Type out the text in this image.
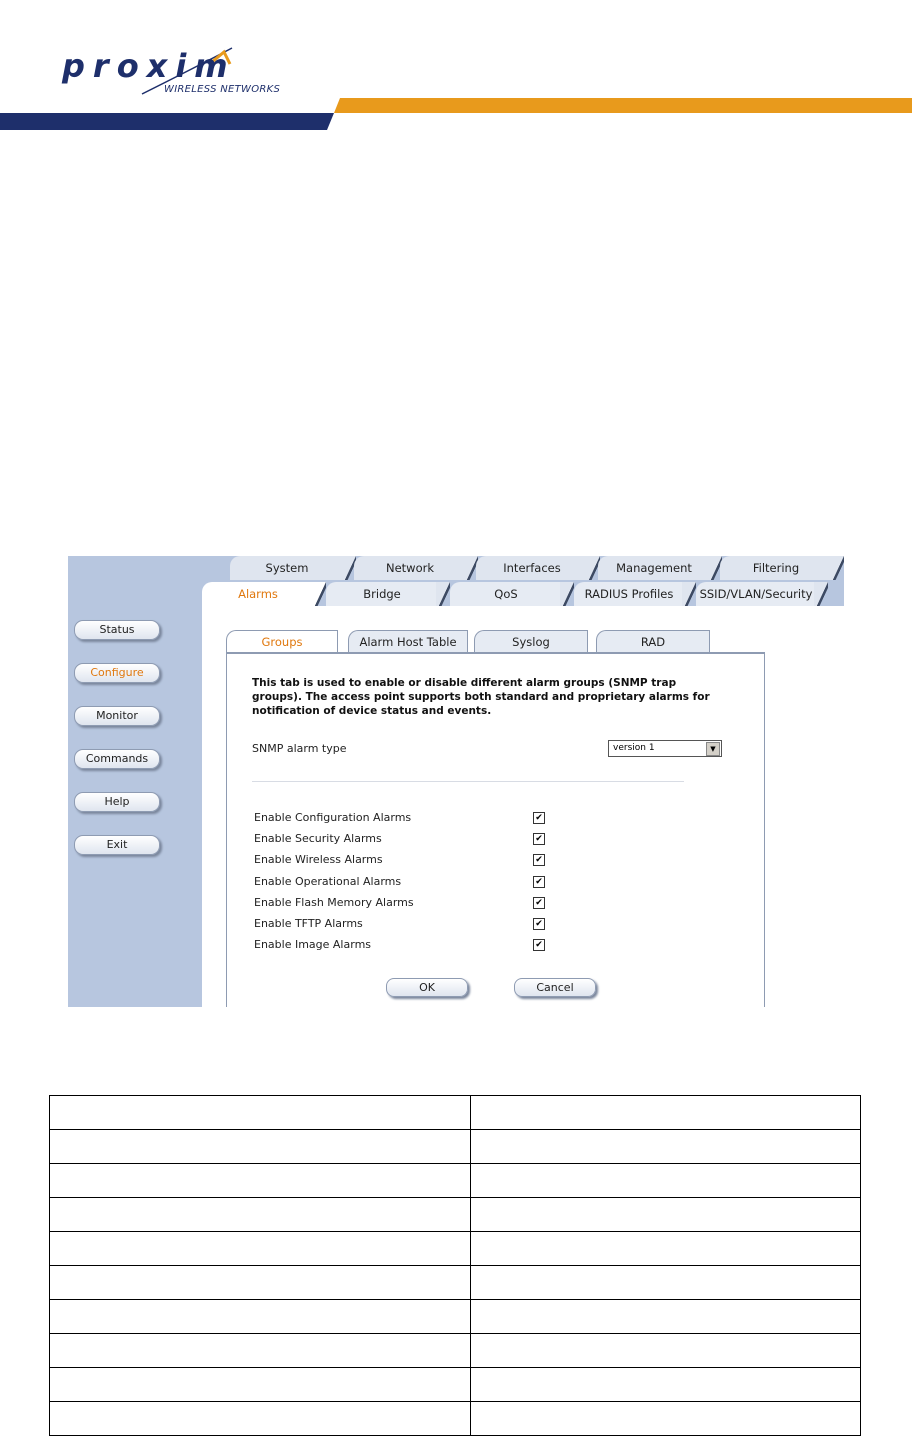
proxim
WIRELESS NETWORKS
System	Network	Interfaces	Management	Filtering
Alarms	Bridge	QoS	RADIUS Profiles	SSID/VLAN/Security
Status
Configure
Monitor
Commands
Help
Exit
Groups	Alarm Host Table	Syslog	RAD
This tab is used to enable or disable different alarm groups (SNMP trap groups). The access point supports both standard and proprietary alarms for notification of device status and events.
SNMP alarm type	version 1	▼
Enable Configuration Alarms	✔
Enable Security Alarms	✔
Enable Wireless Alarms	✔
Enable Operational Alarms	✔
Enable Flash Memory Alarms	✔
Enable TFTP Alarms	✔
Enable Image Alarms	✔
OK	Cancel
